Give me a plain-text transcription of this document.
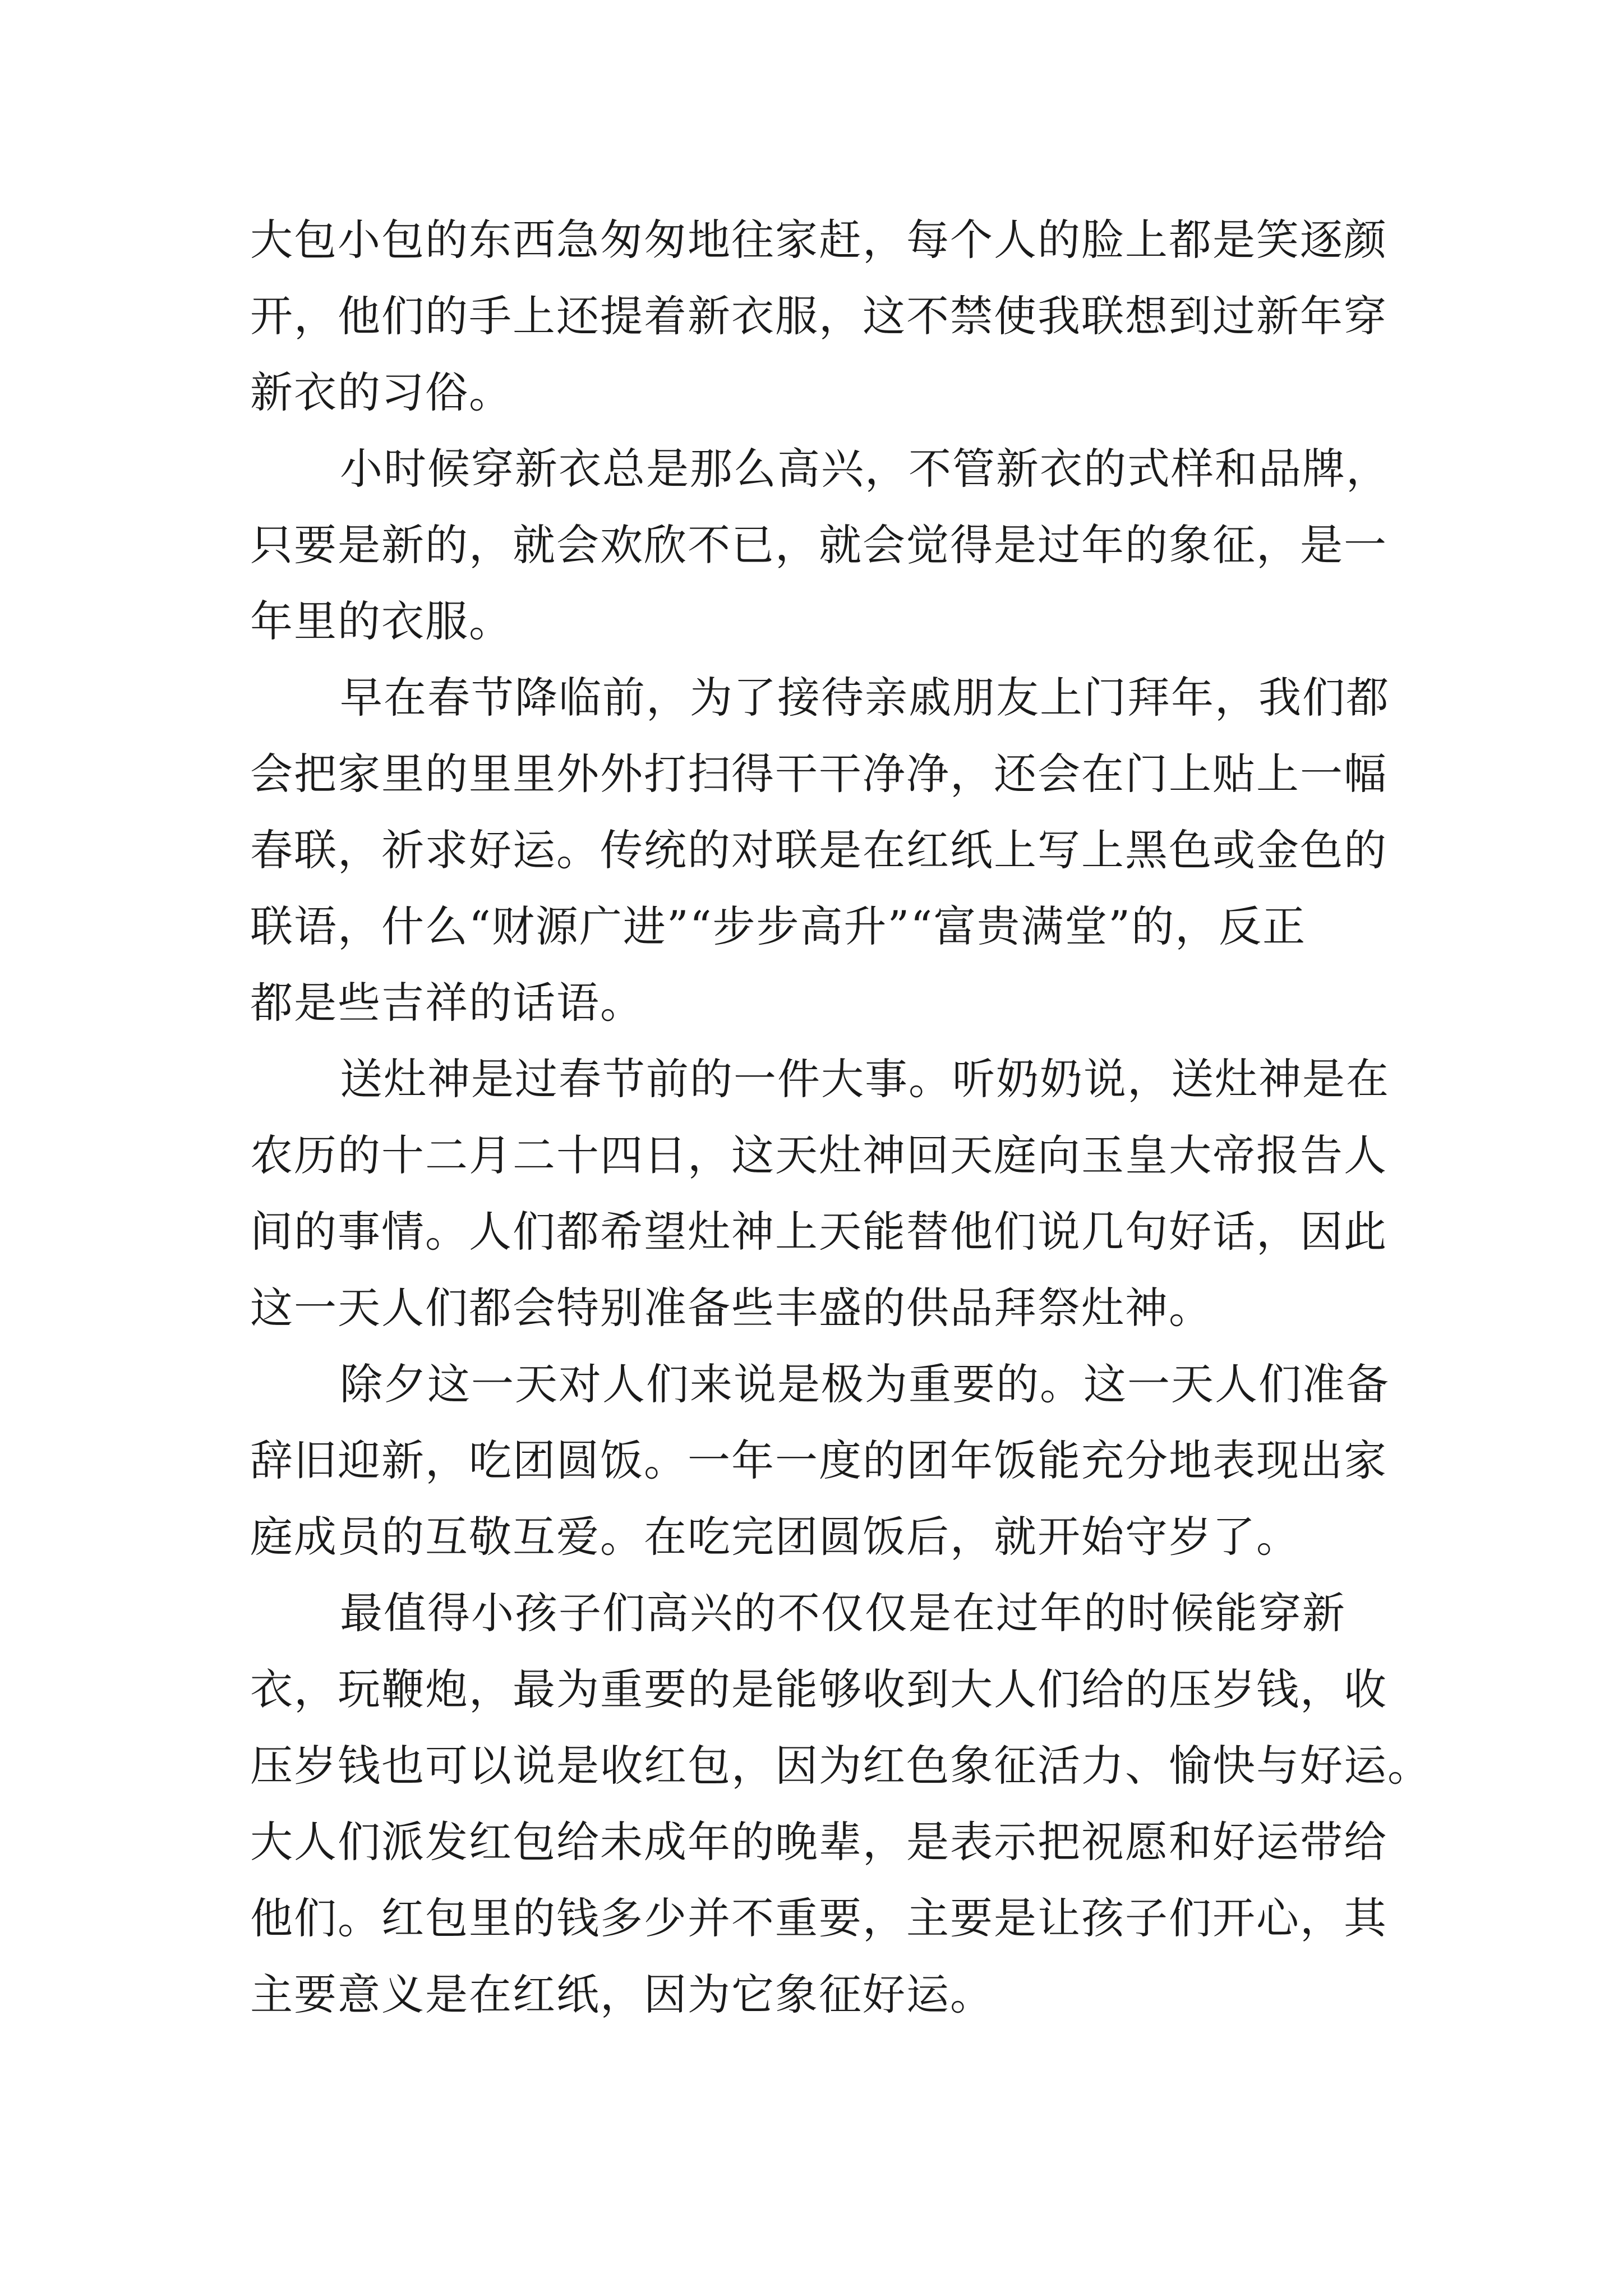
大包小包的东西急匆匆地往家赶，每个人的脸上都是笑逐颜
开，他们的手上还提着新衣服，这不禁使我联想到过新年穿
新衣的习俗。
小时候穿新衣总是那么高兴，不管新衣的式样和品牌，
只要是新的，就会欢欣不已，就会觉得是过年的象征，是一
年里的衣服。
早在春节降临前，为了接待亲戚朋友上门拜年，我们都
会把家里的里里外外打扫得干干净净，还会在门上贴上一幅
春联，祈求好运。传统的对联是在红纸上写上黑色或金色的
联语，什么“财源广进”“步步高升”“富贵满堂”的，反正
都是些吉祥的话语。
送灶神是过春节前的一件大事。听奶奶说，送灶神是在
农历的十二月二十四日，这天灶神回天庭向玉皇大帝报告人
间的事情。人们都希望灶神上天能替他们说几句好话，因此
这一天人们都会特别准备些丰盛的供品拜祭灶神。
除夕这一天对人们来说是极为重要的。这一天人们准备
辞旧迎新，吃团圆饭。一年一度的团年饭能充分地表现出家
庭成员的互敬互爱。在吃完团圆饭后，就开始守岁了。
最值得小孩子们高兴的不仅仅是在过年的时候能穿新
衣，玩鞭炮，最为重要的是能够收到大人们给的压岁钱，收
压岁钱也可以说是收红包，因为红色象征活力、愉快与好运。
大人们派发红包给未成年的晚辈，是表示把祝愿和好运带给
他们。红包里的钱多少并不重要，主要是让孩子们开心，其
主要意义是在红纸，因为它象征好运。
